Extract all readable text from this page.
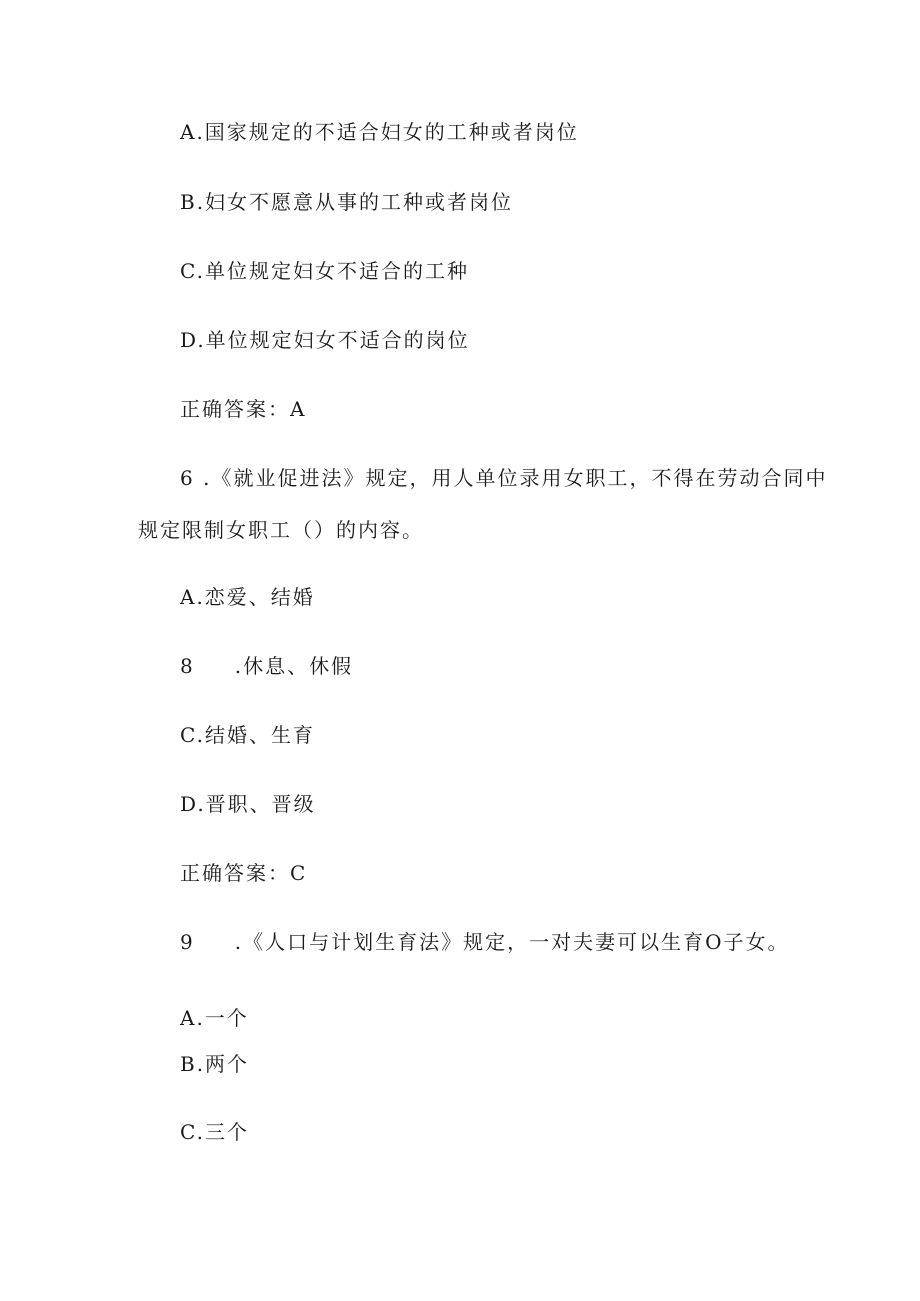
A.国家规定的不适合妇女的工种或者岗位
B.妇女不愿意从事的工种或者岗位
C.单位规定妇女不适合的工种
D.单位规定妇女不适合的岗位
正确答案：A
6 .《就业促进法》规定，用人单位录用女职工，不得在劳动合同中
规定限制女职工（）的内容。
A.恋爱、结婚
8 .休息、休假
C.结婚、生育
D.晋职、晋级
正确答案：C
9 .《人口与计划生育法》规定，一对夫妻可以生育O子女。
A.一个
B.两个
C.三个
